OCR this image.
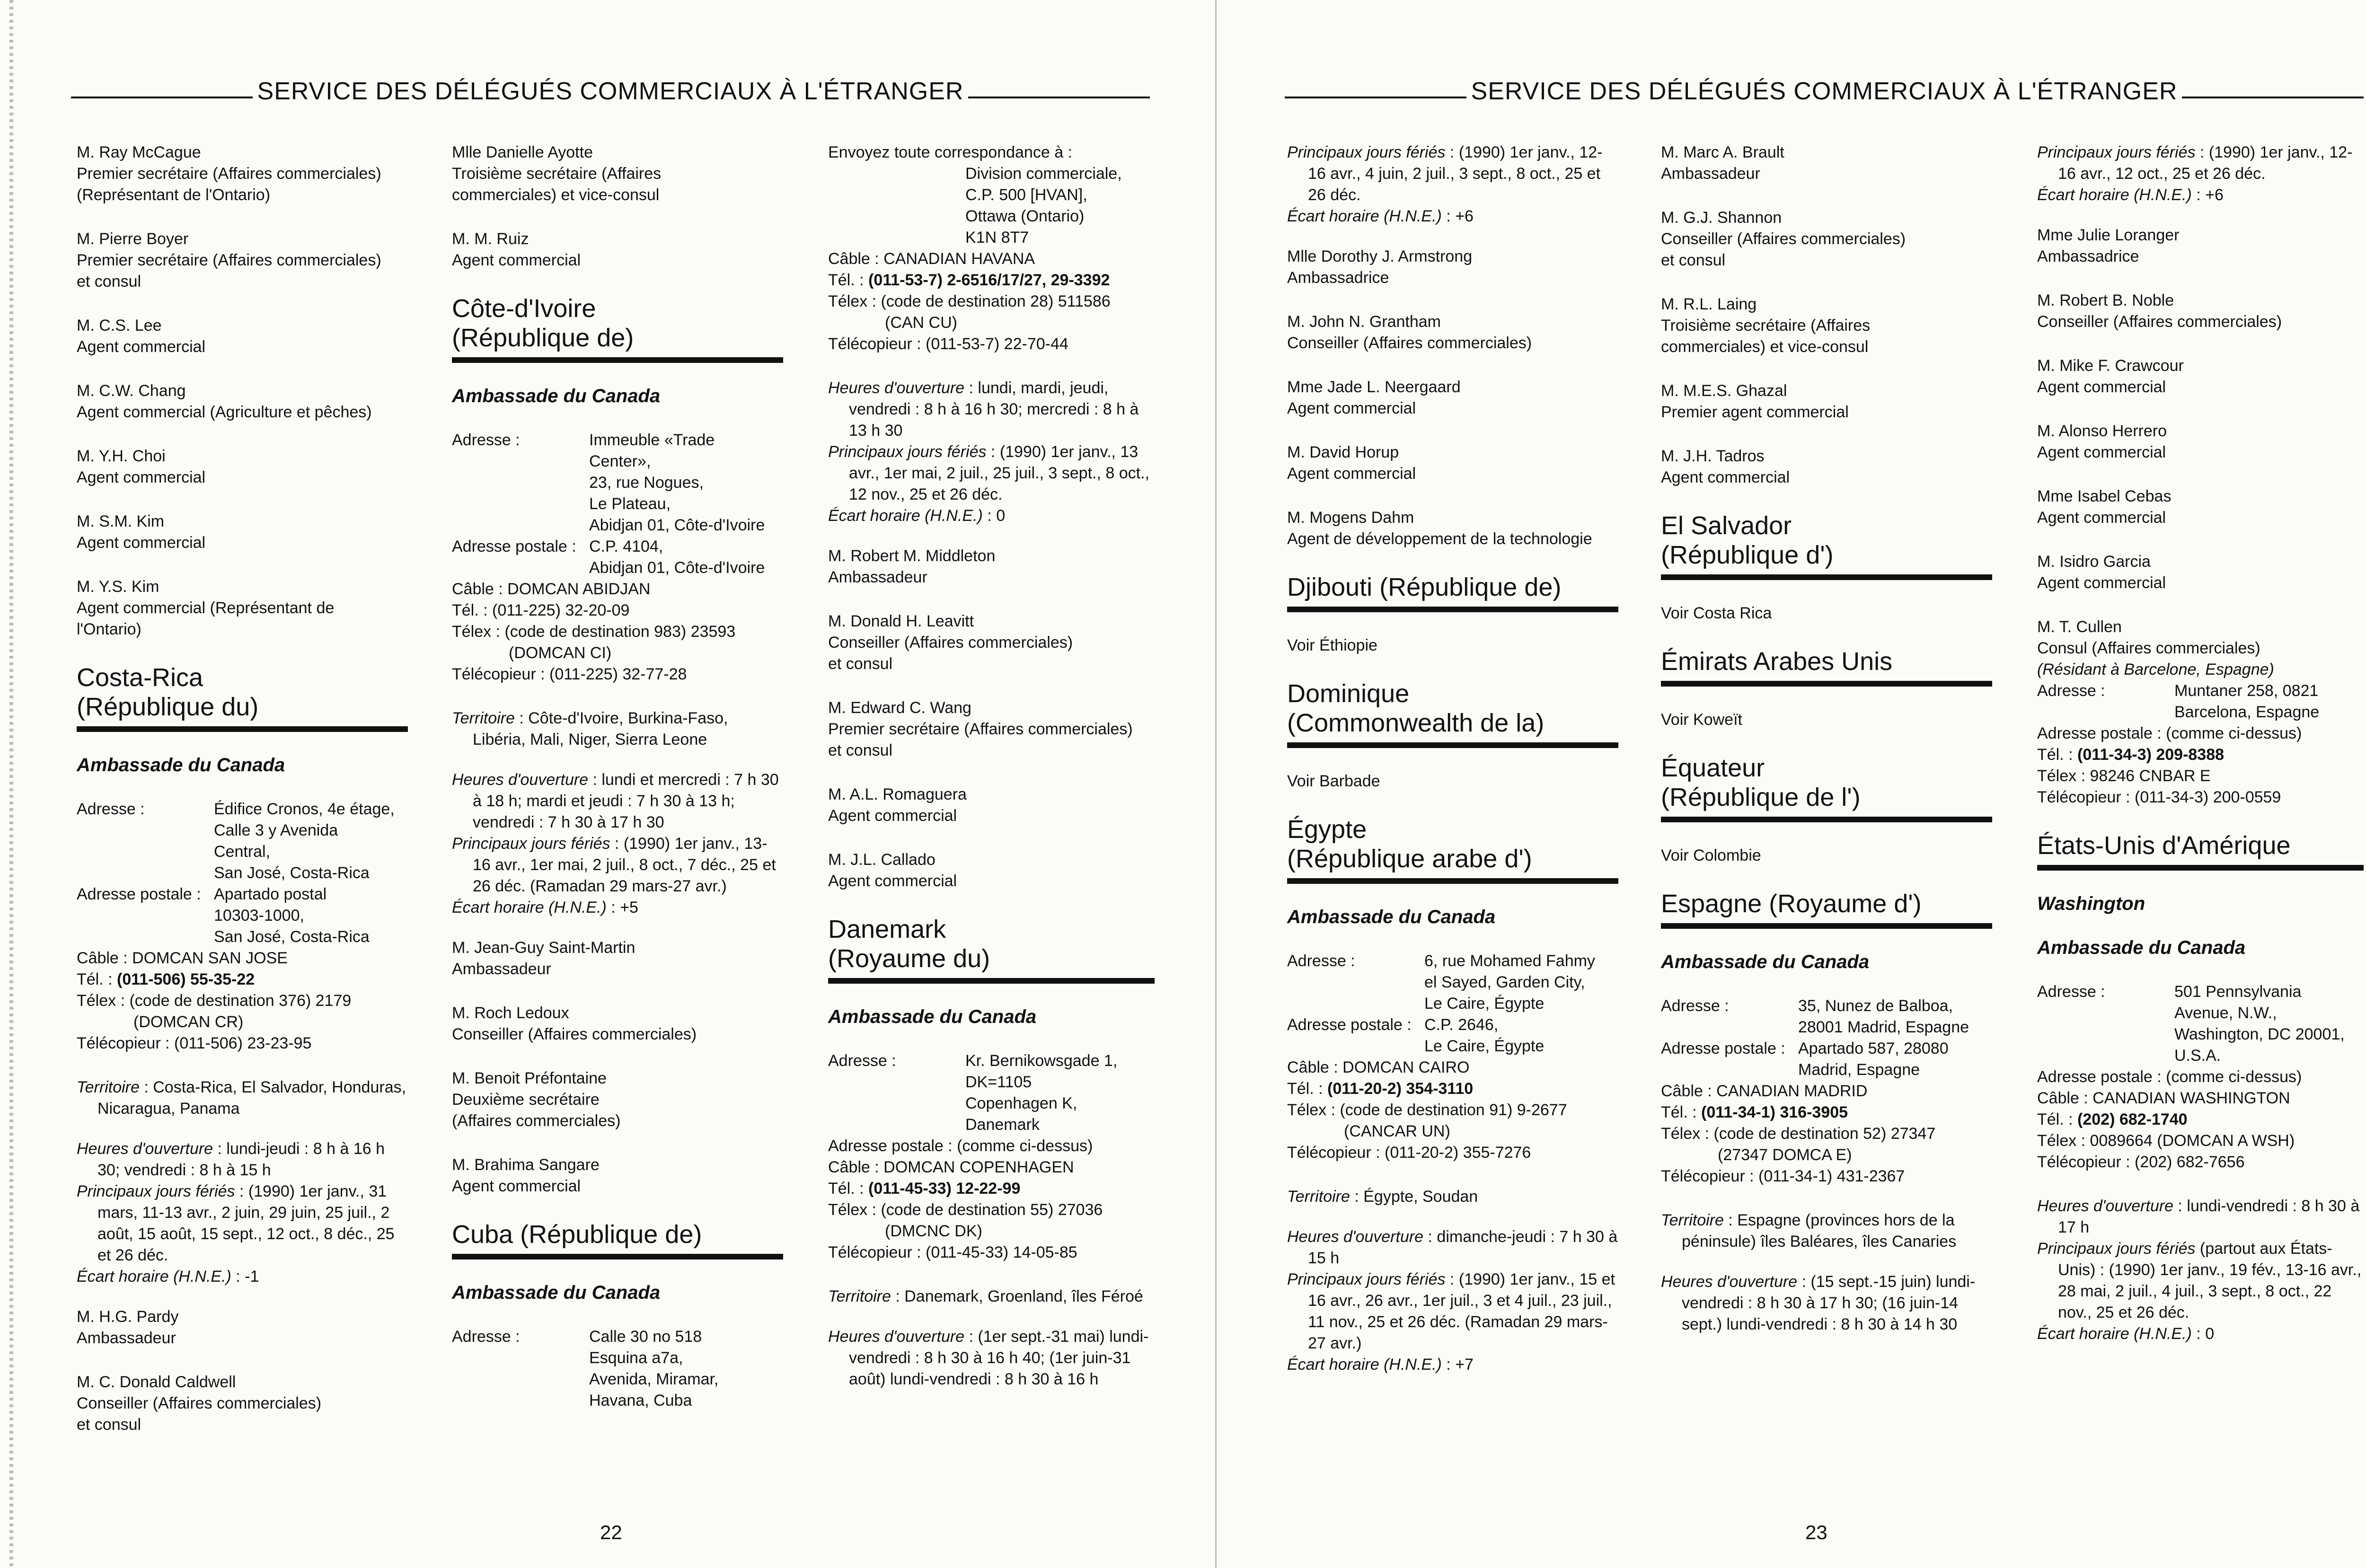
SERVICE DES DÉLÉGUÉS COMMERCIAUX À L'ÉTRANGER
M. Ray McCague
Premier secrétaire (Affaires commerciales)
(Représentant de l'Ontario)
M. Pierre Boyer
Premier secrétaire (Affaires commerciales)
et consul
M. C.S. Lee
Agent commercial
M. C.W. Chang
Agent commercial (Agriculture et pêches)
M. Y.H. Choi
Agent commercial
M. S.M. Kim
Agent commercial
M. Y.S. Kim
Agent commercial (Représentant de
l'Ontario)
Costa-Rica
(République du)
Ambassade du Canada
Adresse :	Édifice Cronos, 4e étage,
Calle 3 y Avenida
Central,
San José, Costa-Rica
Adresse postale : Apartado postal
10303-1000,
San José, Costa-Rica
Câble : DOMCAN SAN JOSE
Tél. : (011-506) 55-35-22
Télex : (code de destination 376) 2179
(DOMCAN CR)
Télécopieur : (011-506) 23-23-95
Territoire : Costa-Rica, El Salvador, Honduras, Nicaragua, Panama
Heures d'ouverture : lundi-jeudi : 8 h à 16 h 30; vendredi : 8 h à 15 h
Principaux jours fériés : (1990) 1er janv., 31 mars, 11-13 avr., 2 juin, 29 juin, 25 juil., 2 août, 15 août, 15 sept., 12 oct., 8 déc., 25 et 26 déc.
Écart horaire (H.N.E.) : -1
M. H.G. Pardy
Ambassadeur
M. C. Donald Caldwell
Conseiller (Affaires commerciales)
et consul
Mlle Danielle Ayotte
Troisième secrétaire (Affaires
commerciales) et vice-consul
M. M. Ruiz
Agent commercial
Côte-d'Ivoire
(République de)
Ambassade du Canada
Adresse :	Immeuble «Trade
Center»,
23, rue Nogues,
Le Plateau,
Abidjan 01, Côte-d'Ivoire
Adresse postale : C.P. 4104,
Abidjan 01, Côte-d'Ivoire
Câble : DOMCAN ABIDJAN
Tél. : (011-225) 32-20-09
Télex : (code de destination 983) 23593
(DOMCAN CI)
Télécopieur : (011-225) 32-77-28
Territoire : Côte-d'Ivoire, Burkina-Faso, Libéria, Mali, Niger, Sierra Leone
Heures d'ouverture : lundi et mercredi : 7 h 30 à 18 h; mardi et jeudi : 7 h 30 à 13 h; vendredi : 7 h 30 à 17 h 30
Principaux jours fériés : (1990) 1er janv., 13-16 avr., 1er mai, 2 juil., 8 oct., 7 déc., 25 et 26 déc. (Ramadan 29 mars-27 avr.)
Écart horaire (H.N.E.) : +5
M. Jean-Guy Saint-Martin
Ambassadeur
M. Roch Ledoux
Conseiller (Affaires commerciales)
M. Benoit Préfontaine
Deuxième secrétaire
(Affaires commerciales)
M. Brahima Sangare
Agent commercial
Cuba (République de)
Ambassade du Canada
Adresse :	Calle 30 no 518
Esquina a7a,
Avenida, Miramar,
Havana, Cuba
Envoyez toute correspondance à :
Division commerciale,
C.P. 500 [HVAN],
Ottawa (Ontario)
K1N 8T7
Câble : CANADIAN HAVANA
Tél. : (011-53-7) 2-6516/17/27, 29-3392
Télex : (code de destination 28) 511586
(CAN CU)
Télécopieur : (011-53-7) 22-70-44
Heures d'ouverture : lundi, mardi, jeudi, vendredi : 8 h à 16 h 30; mercredi : 8 h à 13 h 30
Principaux jours fériés : (1990) 1er janv., 13 avr., 1er mai, 2 juil., 25 juil., 3 sept., 8 oct., 12 nov., 25 et 26 déc.
Écart horaire (H.N.E.) : 0
M. Robert M. Middleton
Ambassadeur
M. Donald H. Leavitt
Conseiller (Affaires commerciales)
et consul
M. Edward C. Wang
Premier secrétaire (Affaires commerciales)
et consul
M. A.L. Romaguera
Agent commercial
M. J.L. Callado
Agent commercial
Danemark
(Royaume du)
Ambassade du Canada
Adresse :	Kr. Bernikowsgade 1,
DK=1105
Copenhagen K,
Danemark
Adresse postale : (comme ci-dessus)
Câble : DOMCAN COPENHAGEN
Tél. : (011-45-33) 12-22-99
Télex : (code de destination 55) 27036
(DMCNC DK)
Télécopieur : (011-45-33) 14-05-85
Territoire : Danemark, Groenland, îles Féroé
Heures d'ouverture : (1er sept.-31 mai) lundi-vendredi : 8 h 30 à 16 h 40; (1er juin-31 août) lundi-vendredi : 8 h 30 à 16 h
22
SERVICE DES DÉLÉGUÉS COMMERCIAUX À L'ÉTRANGER
Principaux jours fériés : (1990) 1er janv., 12-16 avr., 4 juin, 2 juil., 3 sept., 8 oct., 25 et 26 déc.
Écart horaire (H.N.E.) : +6
Mlle Dorothy J. Armstrong
Ambassadrice
M. John N. Grantham
Conseiller (Affaires commerciales)
Mme Jade L. Neergaard
Agent commercial
M. David Horup
Agent commercial
M. Mogens Dahm
Agent de développement de la technologie
Djibouti (République de)
Voir Éthiopie
Dominique
(Commonwealth de la)
Voir Barbade
Égypte
(République arabe d')
Ambassade du Canada
Adresse :	6, rue Mohamed Fahmy
el Sayed, Garden City,
Le Caire, Égypte
Adresse postale : C.P. 2646,
Le Caire, Égypte
Câble : DOMCAN CAIRO
Tél. : (011-20-2) 354-3110
Télex : (code de destination 91) 9-2677
(CANCAR UN)
Télécopieur : (011-20-2) 355-7276
Territoire : Égypte, Soudan
Heures d'ouverture : dimanche-jeudi : 7 h 30 à 15 h
Principaux jours fériés : (1990) 1er janv., 15 et 16 avr., 26 avr., 1er juil., 3 et 4 juil., 23 juil., 11 nov., 25 et 26 déc. (Ramadan 29 mars-27 avr.)
Écart horaire (H.N.E.) : +7
M. Marc A. Brault
Ambassadeur
M. G.J. Shannon
Conseiller (Affaires commerciales)
et consul
M. R.L. Laing
Troisième secrétaire (Affaires
commerciales) et vice-consul
M. M.E.S. Ghazal
Premier agent commercial
M. J.H. Tadros
Agent commercial
El Salvador
(République d')
Voir Costa Rica
Émirats Arabes Unis
Voir Koweït
Équateur
(République de l')
Voir Colombie
Espagne (Royaume d')
Ambassade du Canada
Adresse :	35, Nunez de Balboa,
28001 Madrid, Espagne
Adresse postale : Apartado 587, 28080
Madrid, Espagne
Câble : CANADIAN MADRID
Tél. : (011-34-1) 316-3905
Télex : (code de destination 52) 27347
(27347 DOMCA E)
Télécopieur : (011-34-1) 431-2367
Territoire : Espagne (provinces hors de la péninsule) îles Baléares, îles Canaries
Heures d'ouverture : (15 sept.-15 juin) lundi-vendredi : 8 h 30 à 17 h 30; (16 juin-14 sept.) lundi-vendredi : 8 h 30 à 14 h 30
Principaux jours fériés : (1990) 1er janv., 12-16 avr., 12 oct., 25 et 26 déc.
Écart horaire (H.N.E.) : +6
Mme Julie Loranger
Ambassadrice
M. Robert B. Noble
Conseiller (Affaires commerciales)
M. Mike F. Crawcour
Agent commercial
M. Alonso Herrero
Agent commercial
Mme Isabel Cebas
Agent commercial
M. Isidro Garcia
Agent commercial
M. T. Cullen
Consul (Affaires commerciales)
(Résidant à Barcelone, Espagne)
Adresse :	Muntaner 258, 0821
Barcelona, Espagne
Adresse postale : (comme ci-dessus)
Tél. : (011-34-3) 209-8388
Télex : 98246 CNBAR E
Télécopieur : (011-34-3) 200-0559
États-Unis d'Amérique
Washington
Ambassade du Canada
Adresse :	501 Pennsylvania
Avenue, N.W.,
Washington, DC 20001,
U.S.A.
Adresse postale : (comme ci-dessus)
Câble : CANADIAN WASHINGTON
Tél. : (202) 682-1740
Télex : 0089664 (DOMCAN A WSH)
Télécopieur : (202) 682-7656
Heures d'ouverture : lundi-vendredi : 8 h 30 à 17 h
Principaux jours fériés (partout aux États-Unis) : (1990) 1er janv., 19 fév., 13-16 avr., 28 mai, 2 juil., 4 juil., 3 sept., 8 oct., 22 nov., 25 et 26 déc.
Écart horaire (H.N.E.) : 0
23
